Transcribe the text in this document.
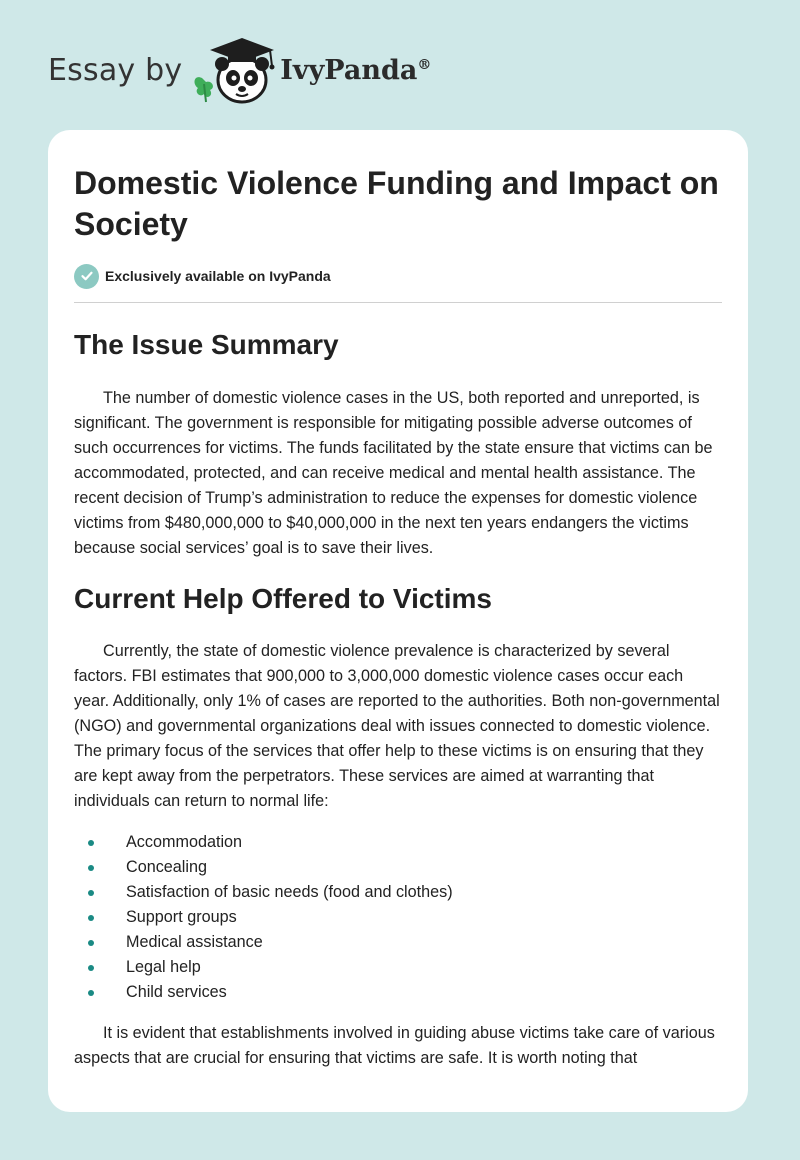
Essay by	IvyPanda®
Domestic Violence Funding and Impact on Society
Exclusively available on IvyPanda
The Issue Summary

The number of domestic violence cases in the US, both reported and unreported, is significant. The government is responsible for mitigating possible adverse outcomes of such occurrences for victims. The funds facilitated by the state ensure that victims can be accommodated, protected, and can receive medical and mental health assistance. The recent decision of Trump’s administration to reduce the expenses for domestic violence victims from $480,000,000 to $40,000,000 in the next ten years endangers the victims because social services’ goal is to save their lives.

Current Help Offered to Victims

Currently, the state of domestic violence prevalence is characterized by several factors. FBI estimates that 900,000 to 3,000,000 domestic violence cases occur each year. Additionally, only 1% of cases are reported to the authorities. Both non-governmental (NGO) and governmental organizations deal with issues connected to domestic violence. The primary focus of the services that offer help to these victims is on ensuring that they are kept away from the perpetrators. These services are aimed at warranting that individuals can return to normal life:

Accommodation
Concealing
Satisfaction of basic needs (food and clothes)
Support groups
Medical assistance
Legal help
Child services

It is evident that establishments involved in guiding abuse victims take care of various aspects that are crucial for ensuring that victims are safe. It is worth noting that
